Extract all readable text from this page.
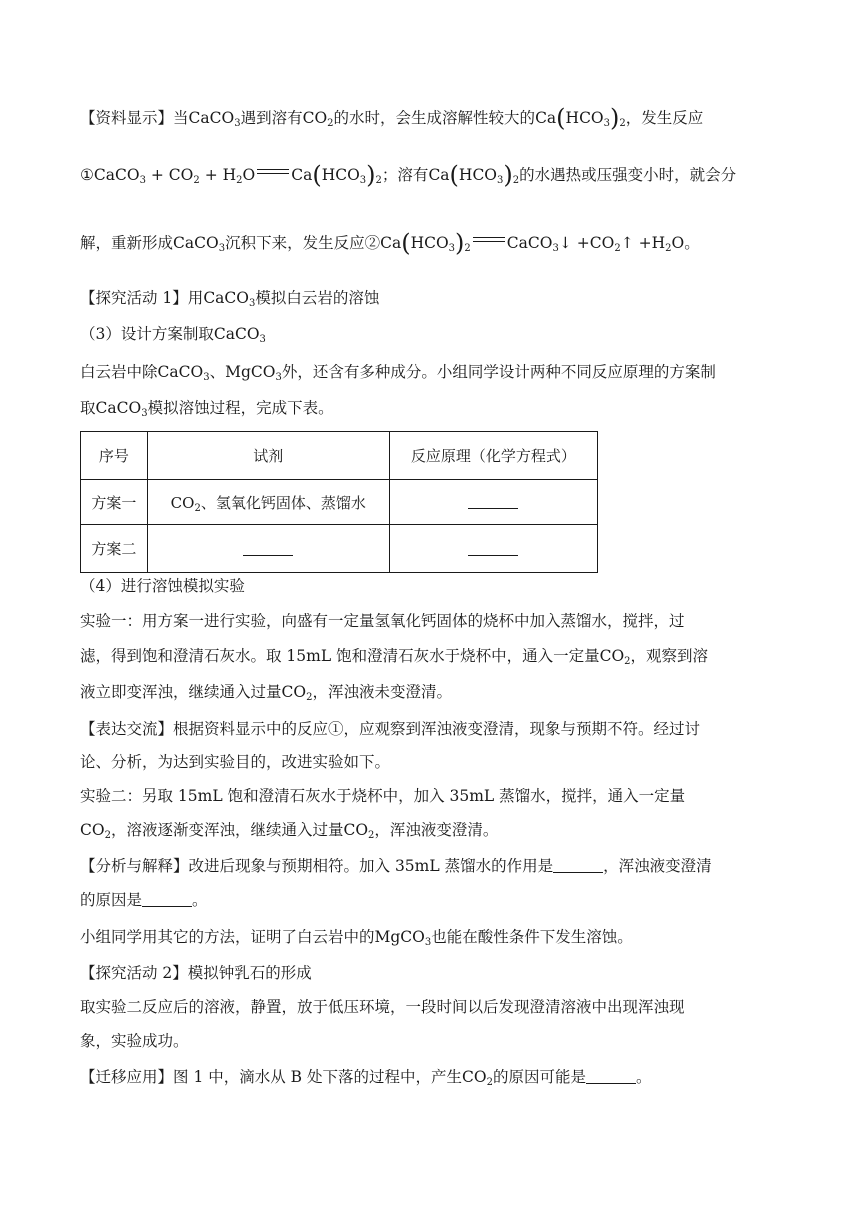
【资料显示】当CaCO$_3$遇到溶有$CO_2$的水时，会生成溶解性较大的$Ca(HCO_3)_2$，发生反应
①CaCO$_3$ + $CO_2 + H_2O$ $Ca(HCO_3)_2$；溶有$Ca(HCO_3)_2$的水遇热或压强变小时，就会分
解，重新形成CaCO$_3$沉积下来，发生反应$②Ca(HCO_3)_2$ CaCO$_3$↓ $+CO_2↑ +H_2O$。
【探究活动 1】用CaCO$_3$模拟白云岩的溶蚀
（3）设计方案制取CaCO$_3$
白云岩中除CaCO$_3$、MgCO$_3$外，还含有多种成分。小组同学设计两种不同反应原理的方案制
取CaCO$_3$模拟溶蚀过程，完成下表。
序号	试剂	反应原理（化学方程式）
方案一	$CO_2$、氢氧化钙固体、蒸馏水	
方案二		
（4）进行溶蚀模拟实验
实验一：用方案一进行实验，向盛有一定量氢氧化钙固体的烧杯中加入蒸馏水，搅拌，过
滤，得到饱和澄清石灰水。取 15mL 饱和澄清石灰水于烧杯中，通入一定量$CO_2$，观察到溶
液立即变浑浊，继续通入过量$CO_2$，浑浊液未变澄清。
【表达交流】根据资料显示中的反应①，应观察到浑浊液变澄清，现象与预期不符。经过讨
论、分析，为达到实验目的，改进实验如下。
实验二：另取 15mL 饱和澄清石灰水于烧杯中，加入 35mL 蒸馏水，搅拌，通入一定量
$CO_2$，溶液逐渐变浑浊，继续通入过量$CO_2$，浑浊液变澄清。
【分析与解释】改进后现象与预期相符。加入 35mL 蒸馏水的作用是	，浑浊液变澄清
的原因是	。
小组同学用其它的方法，证明了白云岩中的MgCO$_3$也能在酸性条件下发生溶蚀。
【探究活动 2】模拟钟乳石的形成
取实验二反应后的溶液，静置，放于低压环境，一段时间以后发现澄清溶液中出现浑浊现
象，实验成功。
【迁移应用】图 1 中，滴水从 B 处下落的过程中，产生$CO_2$的原因可能是	。
